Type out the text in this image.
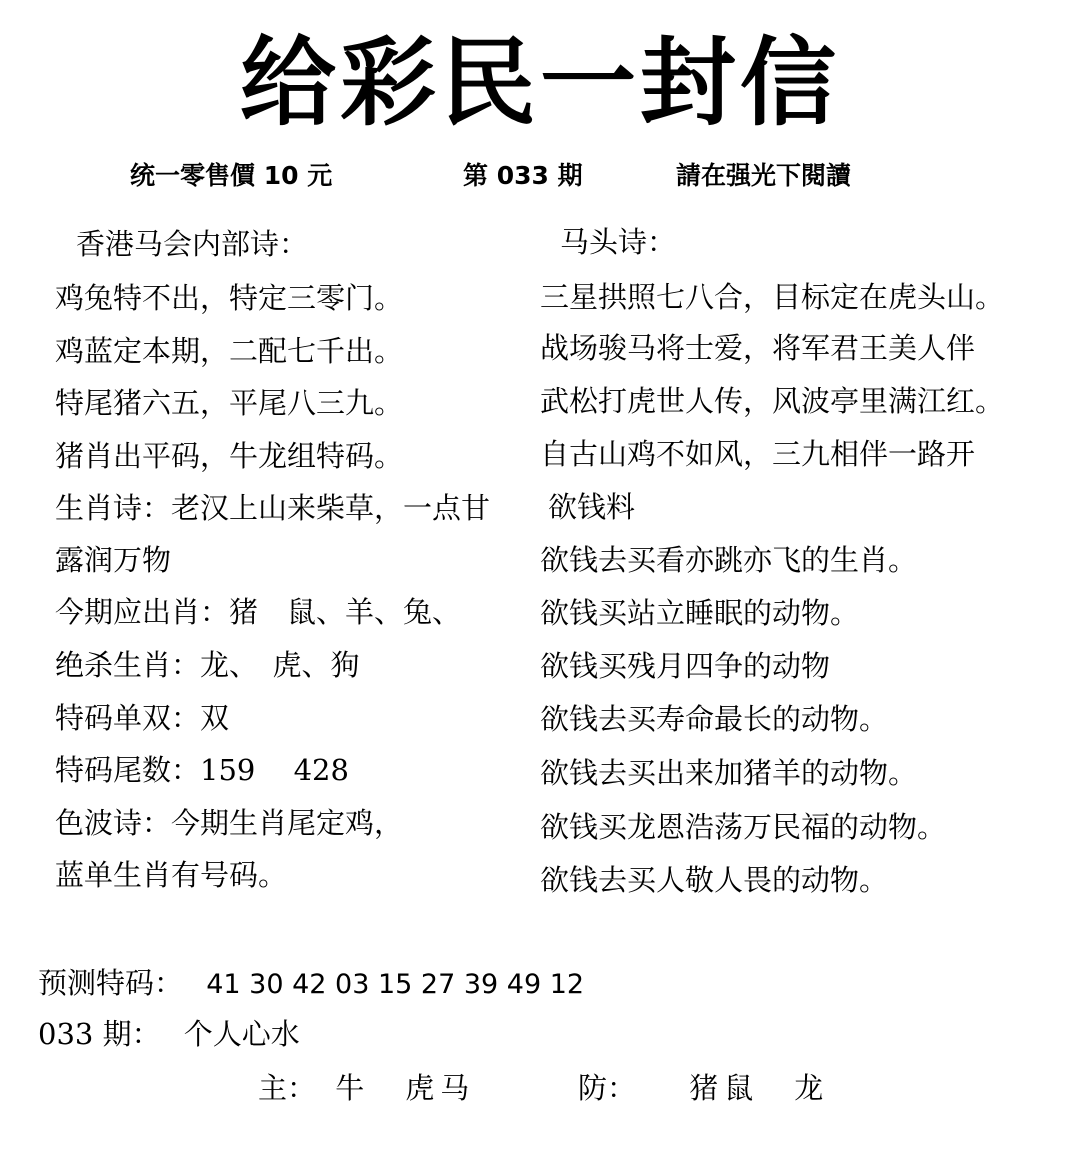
给彩民一封信
统一零售價 10 元	第 033 期	請在强光下閱讀
香港马会内部诗：
鸡兔特不出，特定三零门。
鸡蓝定本期，二配七千出。
特尾猪六五，平尾八三九。
猪肖出平码，牛龙组特码。
生肖诗：老汉上山来柴草，一点甘
露润万物
今期应出肖：猪　鼠、羊、兔、
绝杀生肖：龙、　虎、狗
特码单双：双
特码尾数：159　 428
色波诗：今期生肖尾定鸡，
蓝单生肖有号码。
马头诗：
三星拱照七八合，目标定在虎头山。
战场骏马将士爱，将军君王美人伴
武松打虎世人传，风波亭里满江红。
自古山鸡不如风，三九相伴一路开
欲钱料
欲钱去买看亦跳亦飞的生肖。
欲钱买站立睡眠的动物。
欲钱买残月四争的动物
欲钱去买寿命最长的动物。
欲钱去买出来加猪羊的动物。
欲钱买龙恩浩荡万民福的动物。
欲钱去买人敬人畏的动物。
预测特码： 41 30 42 03 15 27 39 49 12
033 期： 个人心水
主： 牛　虎马	防： 猪鼠　龙
